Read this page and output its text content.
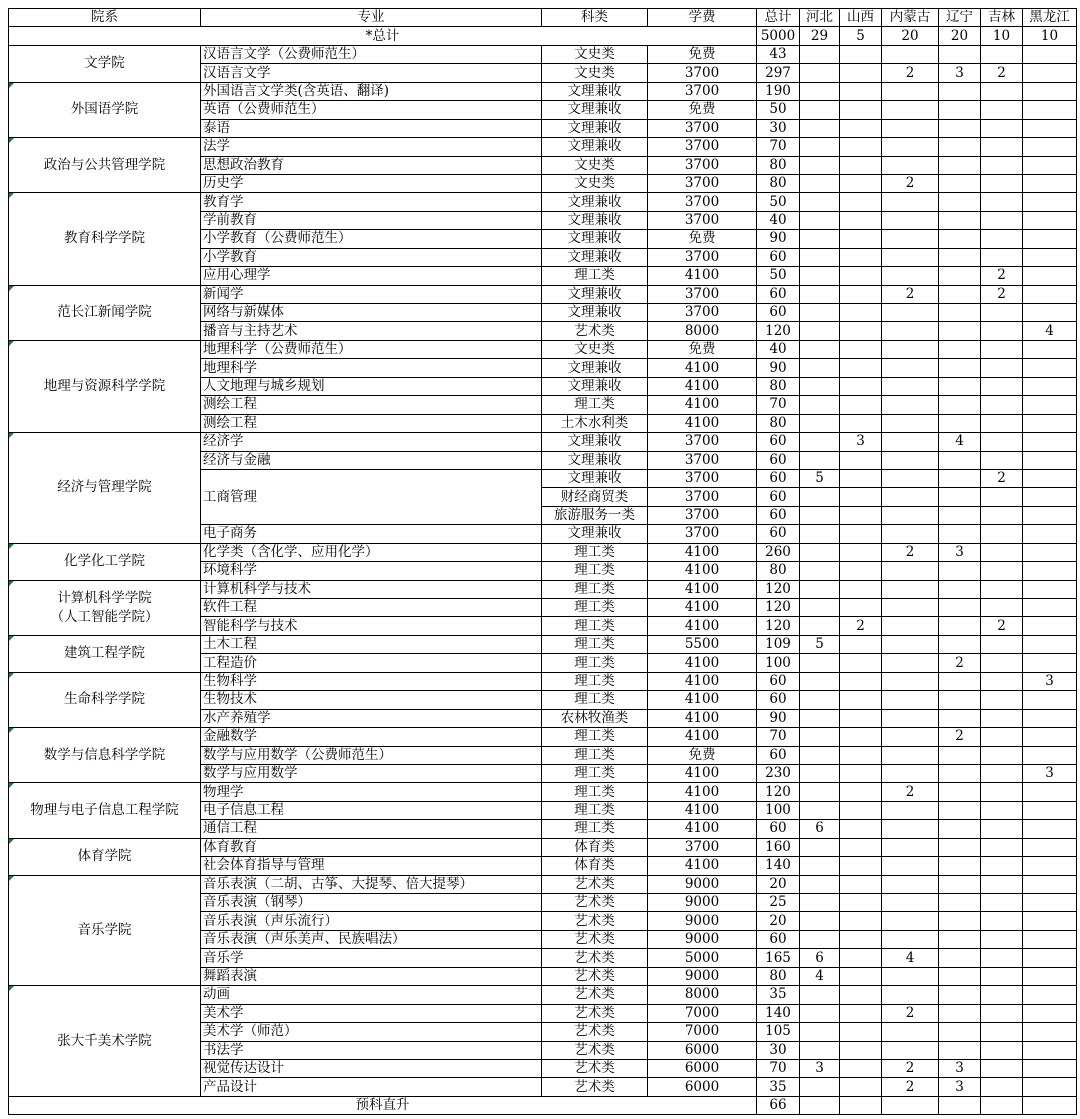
院系	专业	科类	学费	总计	河北	山西	内蒙古	辽宁	吉林	黑龙江
*总计				5000	29	5	20	20	10	10
文学院	汉语言文学（公费师范生）	文史类	免费	43						
	汉语言文学	文史类	3700	297			2	3	2	

外国语学院	外国语言文学类(含英语、翻译)	文理兼收	3700	190						
	英语（公费师范生）	文理兼收	免费	50						
	泰语	文理兼收	3700	30						

政治与公共管理学院	法学	文理兼收	3700	70						
	思想政治教育	文史类	3700	80						
	历史学	文史类	3700	80			2			

教育科学学院	教育学	文理兼收	3700	50						
	学前教育	文理兼收	3700	40						
	小学教育（公费师范生）	文理兼收	免费	90						
	小学教育	文理兼收	3700	60						
	应用心理学	理工类	4100	50					2	

范长江新闻学院	新闻学	文理兼收	3700	60			2		2	
	网络与新媒体	文理兼收	3700	60						
	播音与主持艺术	艺术类	8000	120						4

地理与资源科学学院	地理科学（公费师范生）	文史类	免费	40						
	地理科学	文理兼收	4100	90						
	人文地理与城乡规划	文理兼收	4100	80						
	测绘工程	理工类	4100	70						
	测绘工程	土木水利类	4100	80						

经济与管理学院	经济学	文理兼收	3700	60		3		4		
	经济与金融	文理兼收	3700	60						
	工商管理	文理兼收	3700	60	5				2	
		财经商贸类	3700	60						
		旅游服务一类	3700	60						
	电子商务	文理兼收	3700	60						

化学化工学院	化学类（含化学、应用化学）	理工类	4100	260			2	3		
	环境科学	理工类	4100	80						

计算机科学学院
（人工智能学院）	计算机科学与技术	理工类	4100	120						
	软件工程	理工类	4100	120						
	智能科学与技术	理工类	4100	120		2			2	

建筑工程学院	土木工程	理工类	5500	109	5					
	工程造价	理工类	4100	100				2		

生命科学学院	生物科学	理工类	4100	60						3
	生物技术	理工类	4100	60						
	水产养殖学	农林牧渔类	4100	90						

数学与信息科学学院	金融数学	理工类	4100	70				2		
	数学与应用数学（公费师范生）	理工类	免费	60						
	数学与应用数学	理工类	4100	230						3

物理与电子信息工程学院	物理学	理工类	4100	120			2			
	电子信息工程	理工类	4100	100						
	通信工程	理工类	4100	60	6					

体育学院	体育教育	体育类	3700	160						
	社会体育指导与管理	体育类	4100	140						

音乐学院	音乐表演（二胡、古筝、大提琴、倍大提琴）	艺术类	9000	20						
	音乐表演（钢琴）	艺术类	9000	25						
	音乐表演（声乐流行）	艺术类	9000	20						
	音乐表演（声乐美声、民族唱法）	艺术类	9000	60						
	音乐学	艺术类	5000	165	6		4			
	舞蹈表演	艺术类	9000	80	4					

张大千美术学院	动画	艺术类	8000	35						
	美术学	艺术类	7000	140			2			
	美术学（师范）	艺术类	7000	105						
	书法学	艺术类	6000	30						
	视觉传达设计	艺术类	6000	70	3		2	3		
	产品设计	艺术类	6000	35			2	3		
预科直升				66						
